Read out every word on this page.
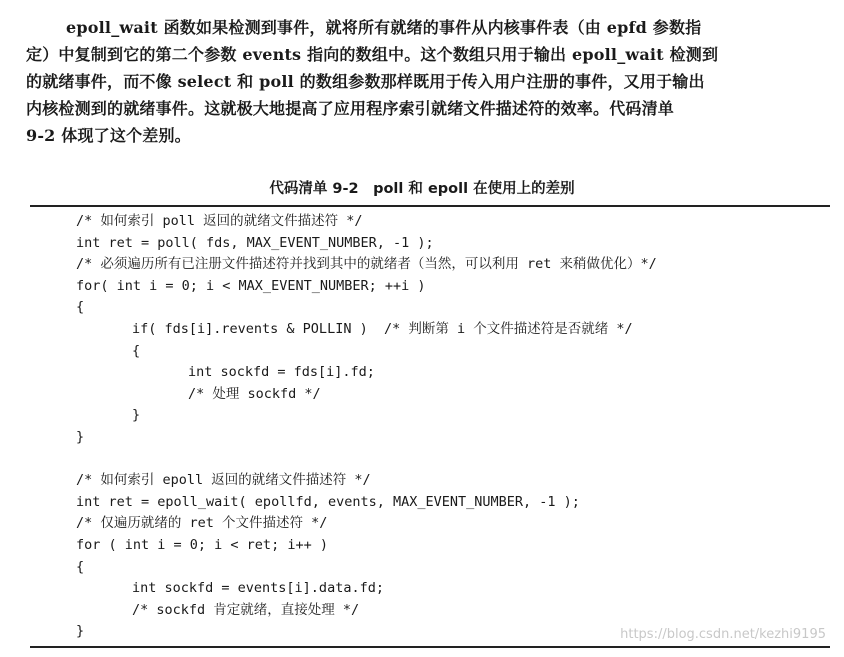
epoll_wait 函数如果检测到事件，就将所有就绪的事件从内核事件表（由 epfd 参数指
定）中复制到它的第二个参数 events 指向的数组中。这个数组只用于输出 epoll_wait 检测到
的就绪事件，而不像 select 和 poll 的数组参数那样既用于传入用户注册的事件，又用于输出
内核检测到的就绪事件。这就极大地提高了应用程序索引就绪文件描述符的效率。代码清单
9-2 体现了这个差别。
代码清单 9-2　poll 和 epoll 在使用上的差别
/* 如何索引 poll 返回的就绪文件描述符 */
int ret = poll( fds, MAX_EVENT_NUMBER, -1 );
/* 必须遍历所有已注册文件描述符并找到其中的就绪者（当然，可以利用 ret 来稍做优化）*/
for( int i = 0; i < MAX_EVENT_NUMBER; ++i )
{
if( fds[i].revents & POLLIN )  /* 判断第 i 个文件描述符是否就绪 */
{
int sockfd = fds[i].fd;
/* 处理 sockfd */
}
}
/* 如何索引 epoll 返回的就绪文件描述符 */
int ret = epoll_wait( epollfd, events, MAX_EVENT_NUMBER, -1 );
/* 仅遍历就绪的 ret 个文件描述符 */
for ( int i = 0; i < ret; i++ )
{
int sockfd = events[i].data.fd;
/* sockfd 肯定就绪，直接处理 */
}	https://blog.csdn.net/kezhi9195
